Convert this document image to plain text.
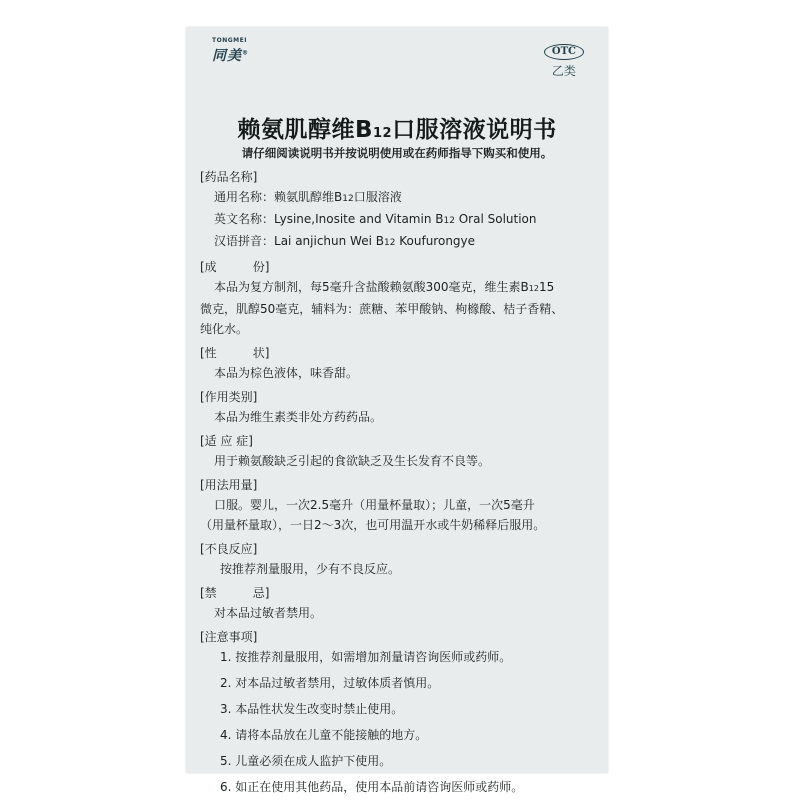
TONGMEI
同美®	OTC
乙类
赖氨肌醇维B12口服溶液说明书
请仔细阅读说明书并按说明使用或在药师指导下购买和使用。
[药品名称]
通用名称：赖氨肌醇维B12口服溶液
英文名称：Lysine,Inosite and Vitamin B12 Oral Solution
汉语拼音：Lai anjichun Wei B12 Koufurongye
[成	份]
本品为复方制剂，每5毫升含盐酸赖氨酸300毫克，维生素B1215
微克，肌醇50毫克，辅料为：蔗糖、苯甲酸钠、枸橼酸、桔子香精、
纯化水。
[性	状]
本品为棕色液体，味香甜。
[作用类别]
本品为维生素类非处方药药品。
[适 应 症]
用于赖氨酸缺乏引起的食欲缺乏及生长发育不良等。
[用法用量]
口服。婴儿，一次2.5毫升（用量杯量取）；儿童，一次5毫升
（用量杯量取），一日2～3次，也可用温开水或牛奶稀释后服用。
[不良反应]
按推荐剂量服用，少有不良反应。
[禁	忌]
对本品过敏者禁用。
[注意事项]
1. 按推荐剂量服用，如需增加剂量请咨询医师或药师。
2. 对本品过敏者禁用，过敏体质者慎用。
3. 本品性状发生改变时禁止使用。
4. 请将本品放在儿童不能接触的地方。
5. 儿童必须在成人监护下使用。
6. 如正在使用其他药品，使用本品前请咨询医师或药师。
